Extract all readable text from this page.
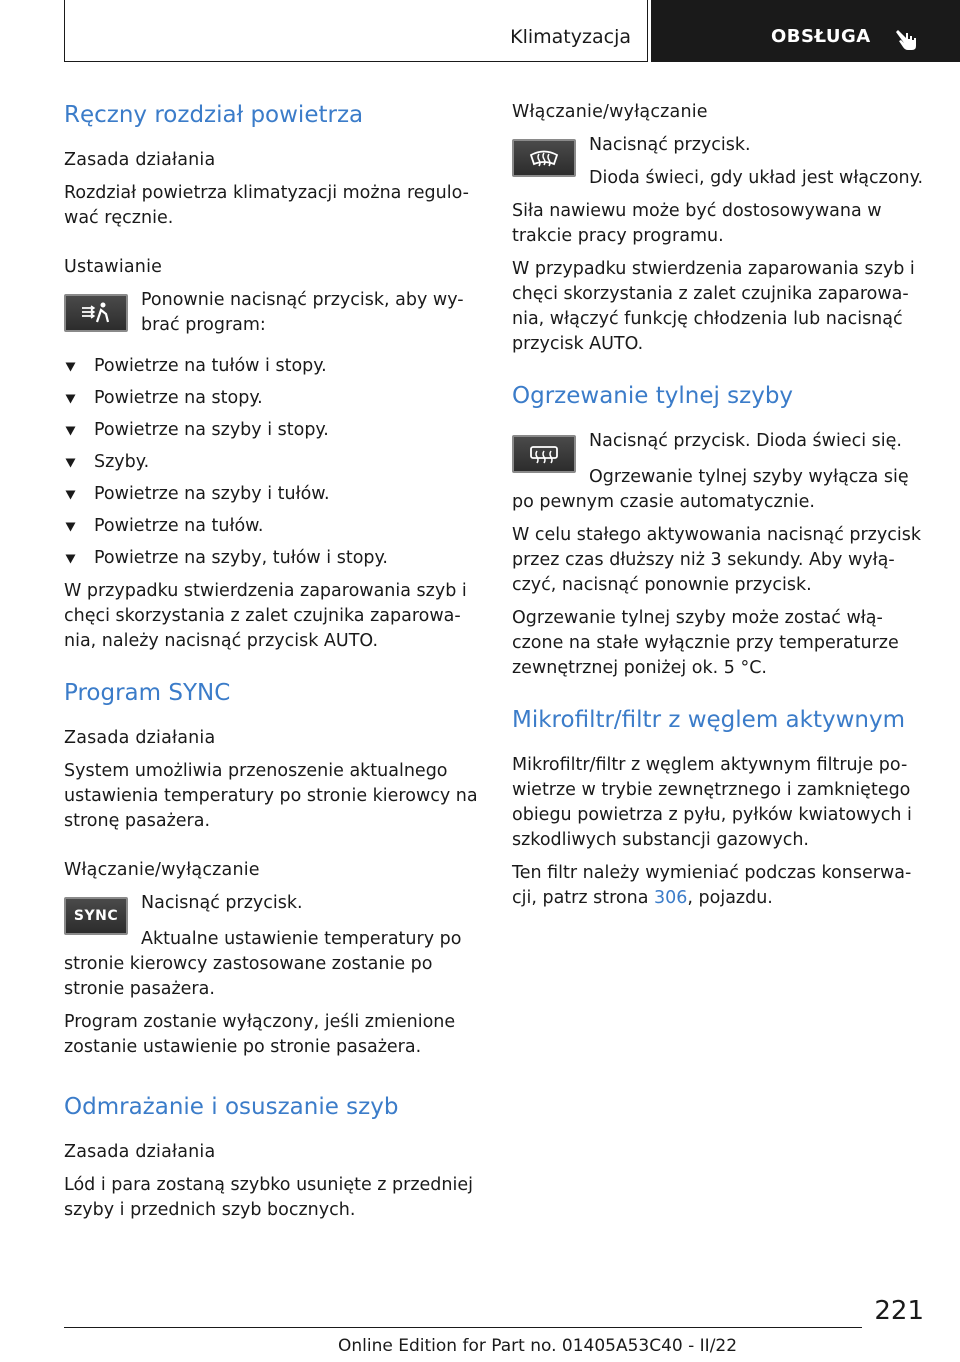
Klimatyzacja	OBSŁUGA
Ręczny rozdział powietrza
Zasada działania

Rozdział powietrza klimatyzacji można regulo-wać ręcznie.

Ustawianie

Ponownie nacisnąć przycisk, aby wy-brać program:

Powietrze na tułów i stopy.
Powietrze na stopy.
Powietrze na szyby i stopy.
Szyby.
Powietrze na szyby i tułów.
Powietrze na tułów.
Powietrze na szyby, tułów i stopy.

W przypadku stwierdzenia zaparowania szyb i chęci skorzystania z zalet czujnika zaparowa-nia, należy nacisnąć przycisk AUTO.

Program SYNC
Zasada działania

System umożliwia przenoszenie aktualnego ustawienia temperatury po stronie kierowcy na stronę pasażera.

Włączanie/wyłączanie
SYNC

Nacisnąć przycisk.

Aktualne ustawienie temperatury po stronie kierowcy zastosowane zostanie po stronie pasażera.

Program zostanie wyłączony, jeśli zmienione zostanie ustawienie po stronie pasażera.

Odmrażanie i osuszanie szyb
Zasada działania

Lód i para zostaną szybko usunięte z przedniej szyby i przednich szyb bocznych.

Włączanie/wyłączanie

Nacisnąć przycisk.

Dioda świeci, gdy układ jest włączony.

Siła nawiewu może być dostosowywana w trakcie pracy programu.

W przypadku stwierdzenia zaparowania szyb i chęci skorzystania z zalet czujnika zaparowa-nia, włączyć funkcję chłodzenia lub nacisnąć przycisk AUTO.

Ogrzewanie tylnej szyby

Nacisnąć przycisk. Dioda świeci się.

Ogrzewanie tylnej szyby wyłącza się po pewnym czasie automatycznie.

W celu stałego aktywowania nacisnąć przycisk przez czas dłuższy niż 3 sekundy. Aby wyłą-czyć, nacisnąć ponownie przycisk.

Ogrzewanie tylnej szyby może zostać włą-czone na stałe wyłącznie przy temperaturze zewnętrznej poniżej ok. 5 °C.

Mikrofiltr/filtr z węglem aktywnym

Mikrofiltr/filtr z węglem aktywnym filtruje po-wietrze w trybie zewnętrznego i zamkniętego obiegu powietrza z pyłu, pyłków kwiatowych i szkodliwych substancji gazowych.

Ten filtr należy wymieniać podczas konserwa-cji, patrz strona 306, pojazdu.

221
Online Edition for Part no. 01405A53C40 - II/22
